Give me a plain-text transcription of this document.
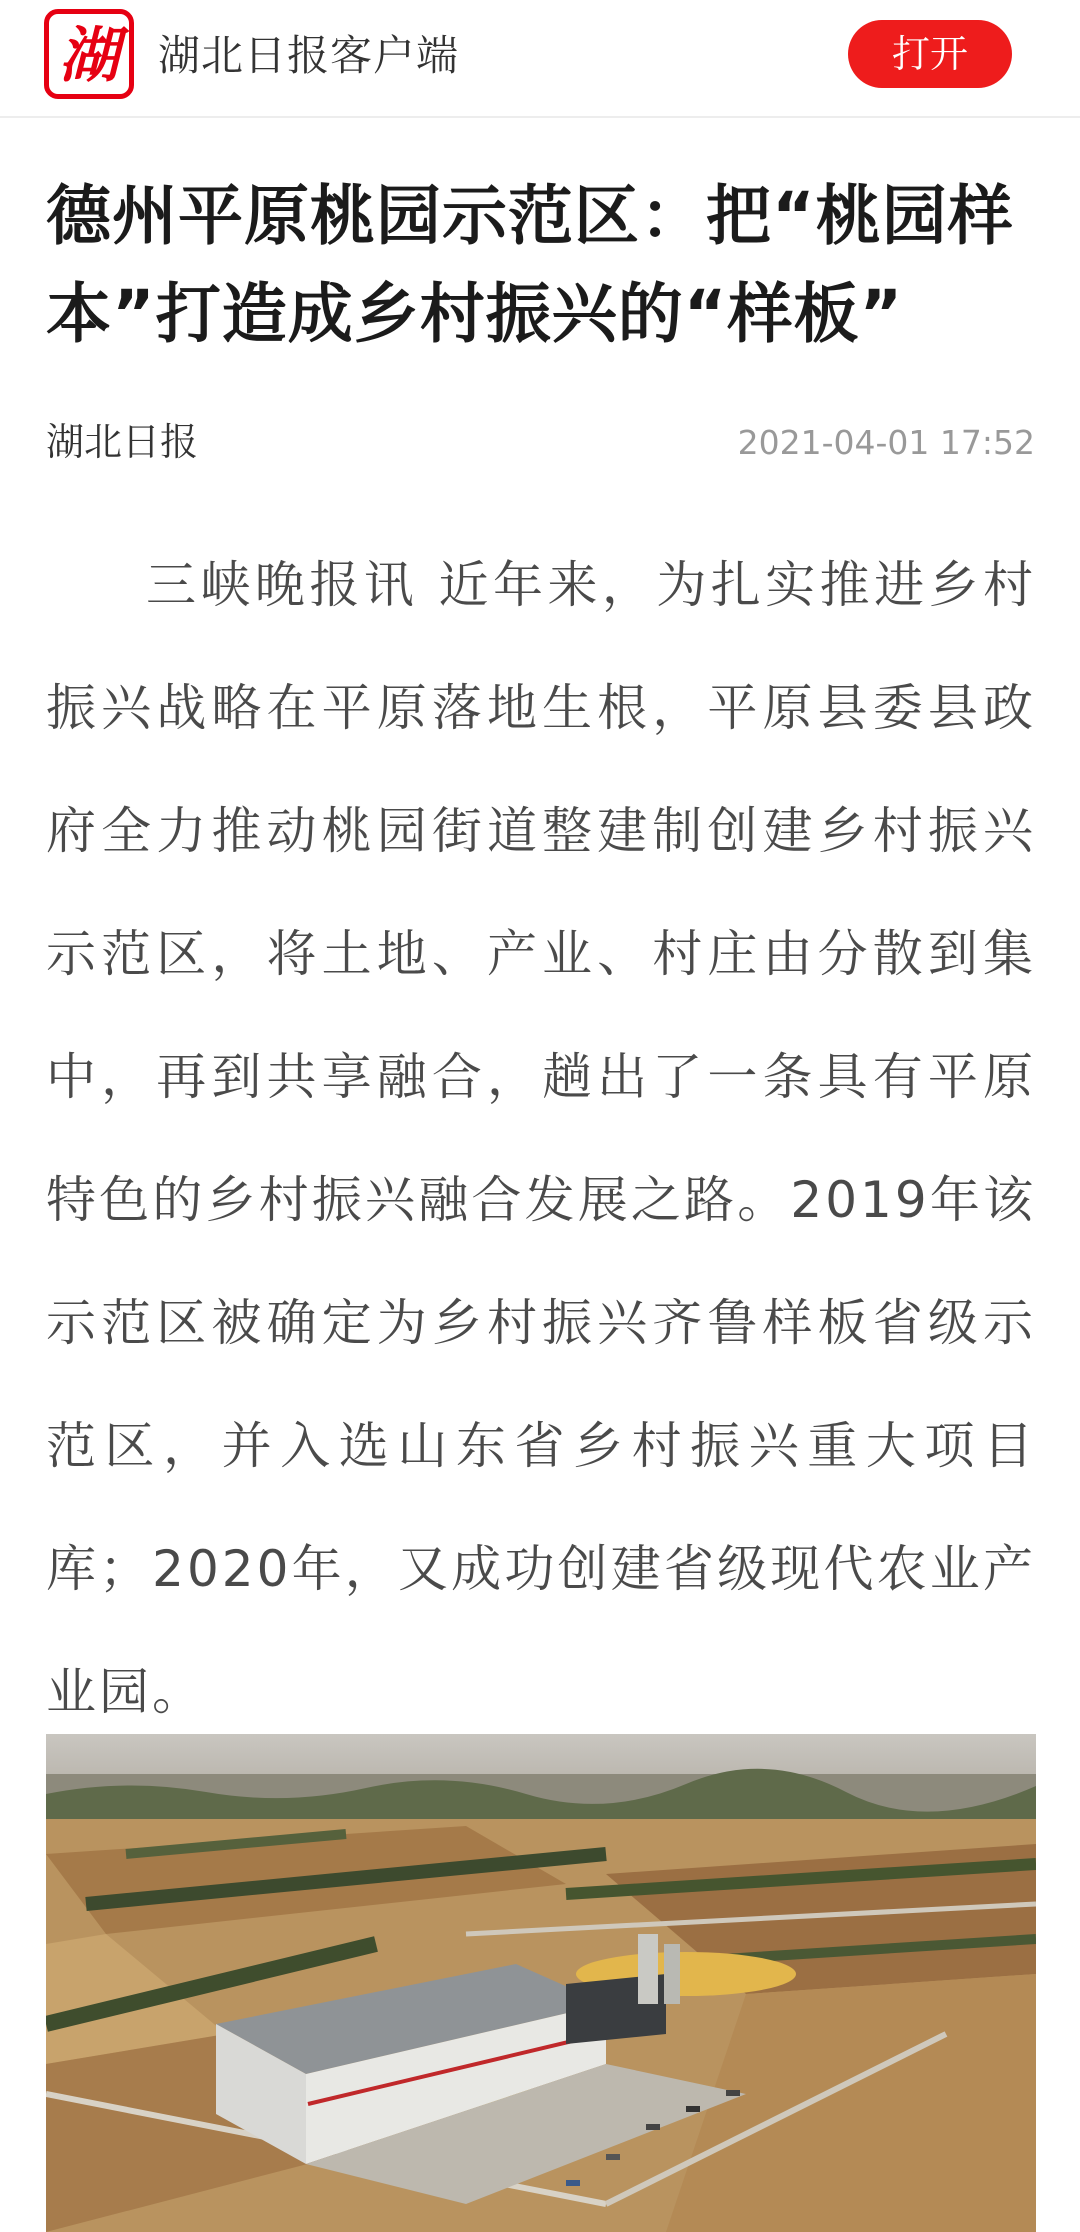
湖 湖北日报客户端	打开
德州平原桃园示范区：把“桃园样本”打造成乡村振兴的“样板”
湖北日报	2021-04-01 17:52

三峡晚报讯 近年来，为扎实推进乡村振兴战略在平原落地生根，平原县委县政府全力推动桃园街道整建制创建乡村振兴示范区，将土地、产业、村庄由分散到集中，再到共享融合，趟出了一条具有平原特色的乡村振兴融合发展之路。2019年该示范区被确定为乡村振兴齐鲁样板省级示范区，并入选山东省乡村振兴重大项目库；2020年，又成功创建省级现代农业产业园。
